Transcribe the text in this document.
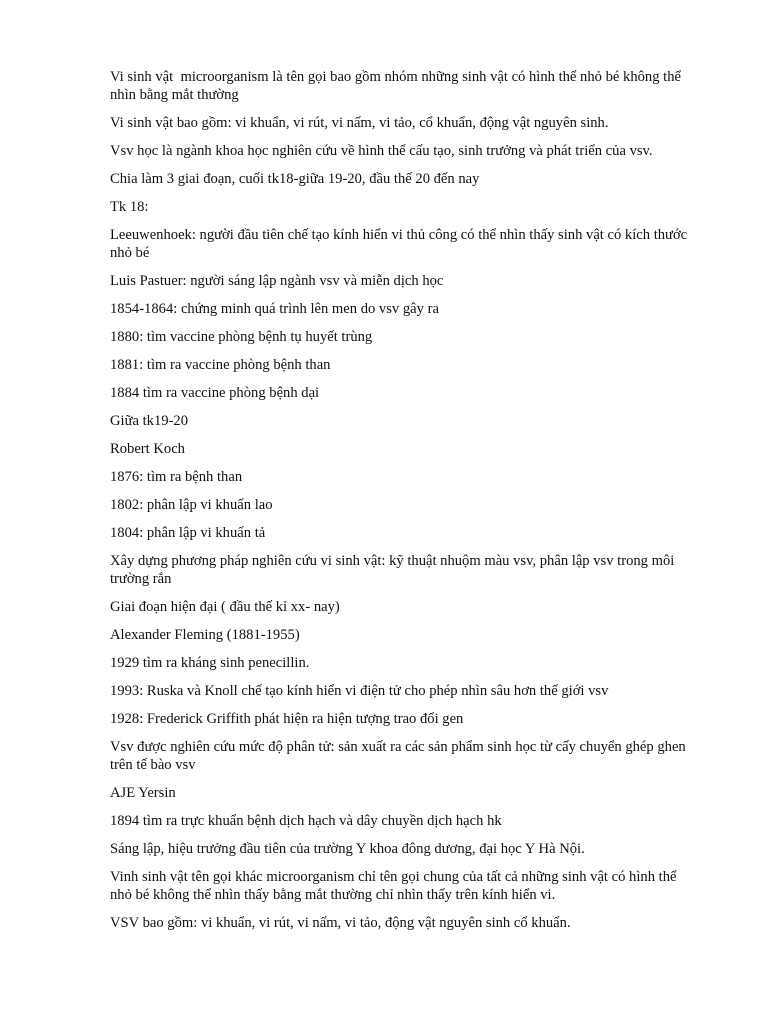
Vi sinh vật  microorganism là tên gọi bao gồm nhóm những sinh vật có hình thể nhỏ bé không thể nhìn bằng mắt thường

Vi sinh vật bao gồm: vi khuẩn, vi rút, vi nấm, vi tảo, cổ khuẩn, động vật nguyên sinh.

Vsv học là ngành khoa học nghiên cứu về hình thể cấu tạo, sinh trưởng và phát triển của vsv.

Chia làm 3 giai đoạn, cuối tk18-giữa 19-20, đầu thế 20 đến nay

Tk 18:

Leeuwenhoek: người đầu tiên chế tạo kính hiển vi thủ công có thể nhìn thấy sinh vật có kích thước nhỏ bé

Luis Pastuer: người sáng lập ngành vsv và miễn dịch học

1854-1864: chứng minh quá trình lên men do vsv gây ra

1880: tìm vaccine phòng bệnh tụ huyết trùng

1881: tìm ra vaccine phòng bệnh than

1884 tìm ra vaccine phòng bệnh dại

Giữa tk19-20

Robert Koch

1876: tìm ra bệnh than

1802: phân lập vi khuẩn lao

1804: phân lập vi khuẩn tả

Xây dựng phương pháp nghiên cứu vi sinh vật: kỹ thuật nhuộm màu vsv, phân lập vsv trong môi trường rắn

Giai đoạn hiện đại ( đầu thế kỉ xx- nay)

Alexander Fleming (1881-1955)

1929 tìm ra kháng sinh penecillin.

1993: Ruska và Knoll chế tạo kính hiển vi điện tử cho phép nhìn sâu hơn thế giới vsv

1928: Frederick Griffith phát hiện ra hiện tượng trao đổi gen

Vsv được nghiên cứu mức độ phân tử: sản xuất ra các sản phẩm sinh học từ cấy chuyển ghép ghen trên tế bào vsv

AJE Yersin

1894 tìm ra trực khuẩn bệnh dịch hạch và dây chuyền dịch hạch hk

Sáng lập, hiệu trưởng đầu tiên của trường Y khoa đông dương, đại học Y Hà Nội.

Vinh sinh vật tên gọi khác microorganism chỉ tên gọi chung của tất cả những sinh vật có hình thể nhỏ bé không thể nhìn thấy bằng mắt thường chỉ nhìn thấy trên kính hiển vi.

VSV bao gồm: vi khuẩn, vi rút, vi nấm, vi tảo, động vật nguyên sinh cổ khuẩn.
